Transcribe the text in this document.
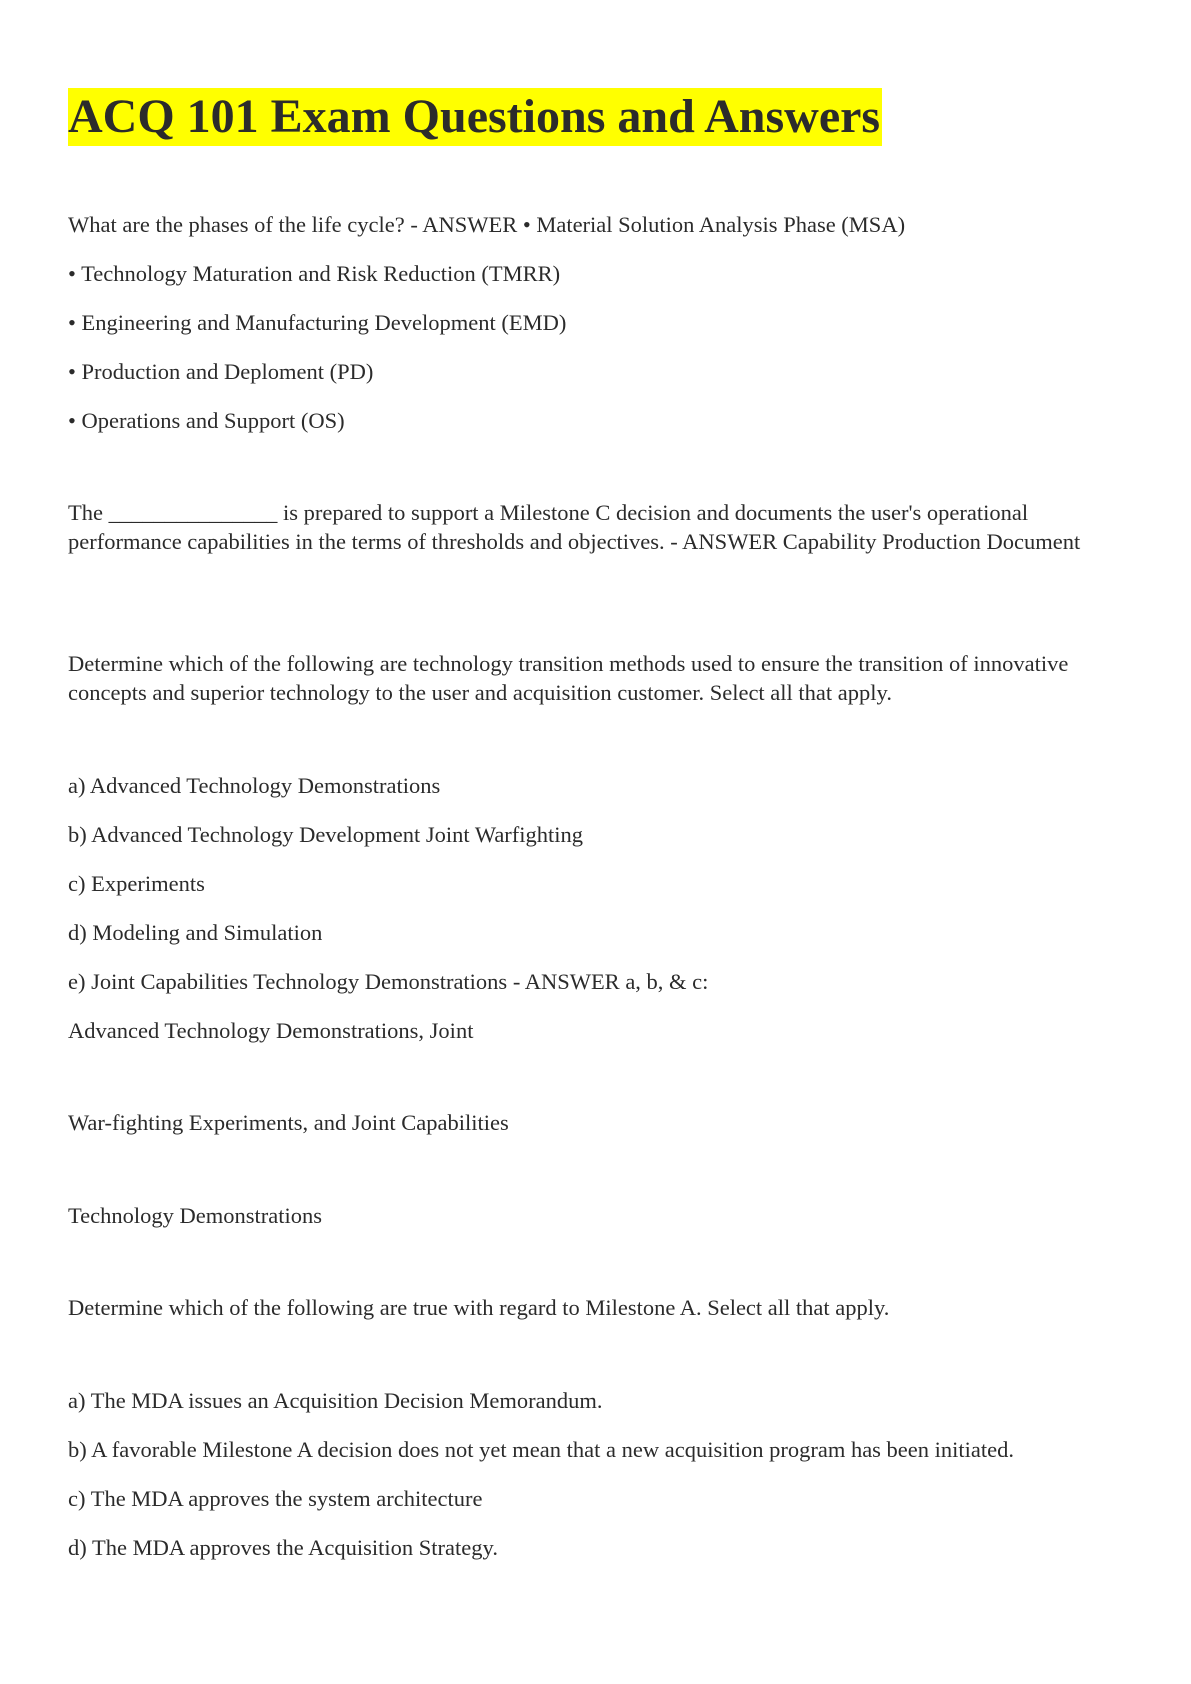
ACQ 101 Exam Questions and Answers

What are the phases of the life cycle? - ANSWER • Material Solution Analysis Phase (MSA)

• Technology Maturation and Risk Reduction (TMRR)

• Engineering and Manufacturing Development (EMD)

• Production and Deploment (PD)

• Operations and Support (OS)

The _______________ is prepared to support a Milestone C decision and documents the user's operational performance capabilities in the terms of thresholds and objectives. - ANSWER Capability Production Document

Determine which of the following are technology transition methods used to ensure the transition of innovative concepts and superior technology to the user and acquisition customer. Select all that apply.

a) Advanced Technology Demonstrations

b) Advanced Technology Development Joint Warfighting

c) Experiments

d) Modeling and Simulation

e) Joint Capabilities Technology Demonstrations - ANSWER a, b, & c:

Advanced Technology Demonstrations, Joint

War-fighting Experiments, and Joint Capabilities

Technology Demonstrations

Determine which of the following are true with regard to Milestone A. Select all that apply.

a) The MDA issues an Acquisition Decision Memorandum.

b) A favorable Milestone A decision does not yet mean that a new acquisition program has been initiated.

c) The MDA approves the system architecture

d) The MDA approves the Acquisition Strategy.
